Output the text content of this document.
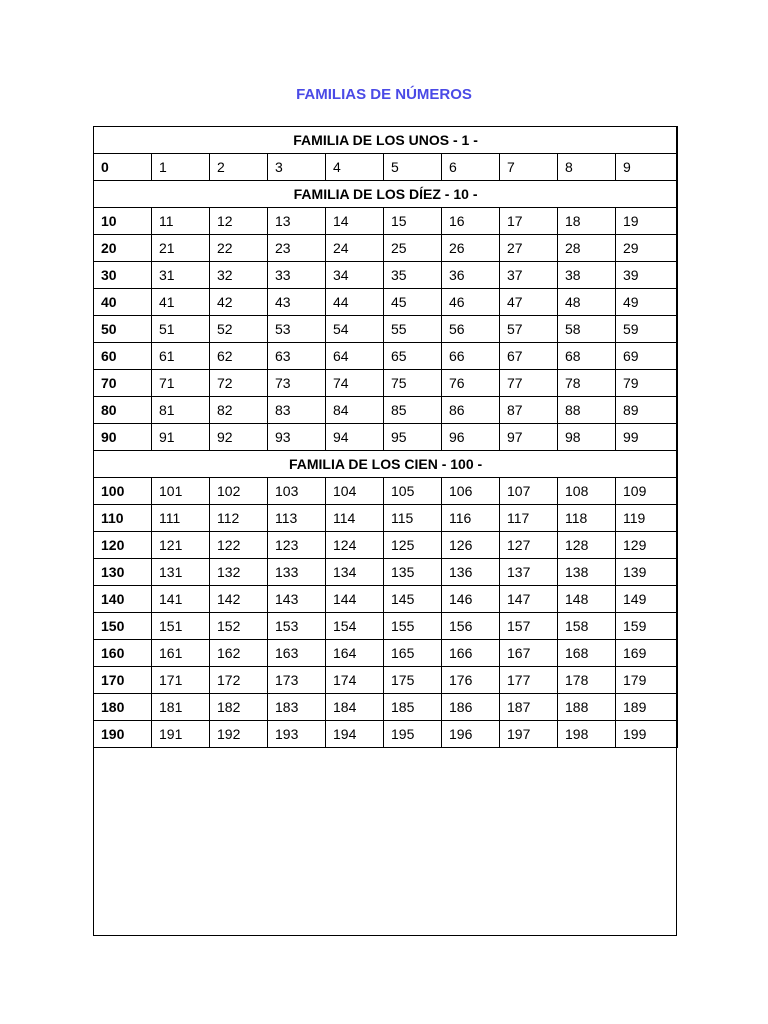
FAMILIAS DE NÚMEROS
FAMILIA DE LOS UNOS - 1 -									
0	1	2	3	4	5	6	7	8	9
FAMILIA DE LOS DÍEZ - 10 -									
10	11	12	13	14	15	16	17	18	19
20	21	22	23	24	25	26	27	28	29
30	31	32	33	34	35	36	37	38	39
40	41	42	43	44	45	46	47	48	49
50	51	52	53	54	55	56	57	58	59
60	61	62	63	64	65	66	67	68	69
70	71	72	73	74	75	76	77	78	79
80	81	82	83	84	85	86	87	88	89
90	91	92	93	94	95	96	97	98	99
FAMILIA DE LOS CIEN - 100 -									
100	101	102	103	104	105	106	107	108	109
110	111	112	113	114	115	116	117	118	119
120	121	122	123	124	125	126	127	128	129
130	131	132	133	134	135	136	137	138	139
140	141	142	143	144	145	146	147	148	149
150	151	152	153	154	155	156	157	158	159
160	161	162	163	164	165	166	167	168	169
170	171	172	173	174	175	176	177	178	179
180	181	182	183	184	185	186	187	188	189
190	191	192	193	194	195	196	197	198	199
